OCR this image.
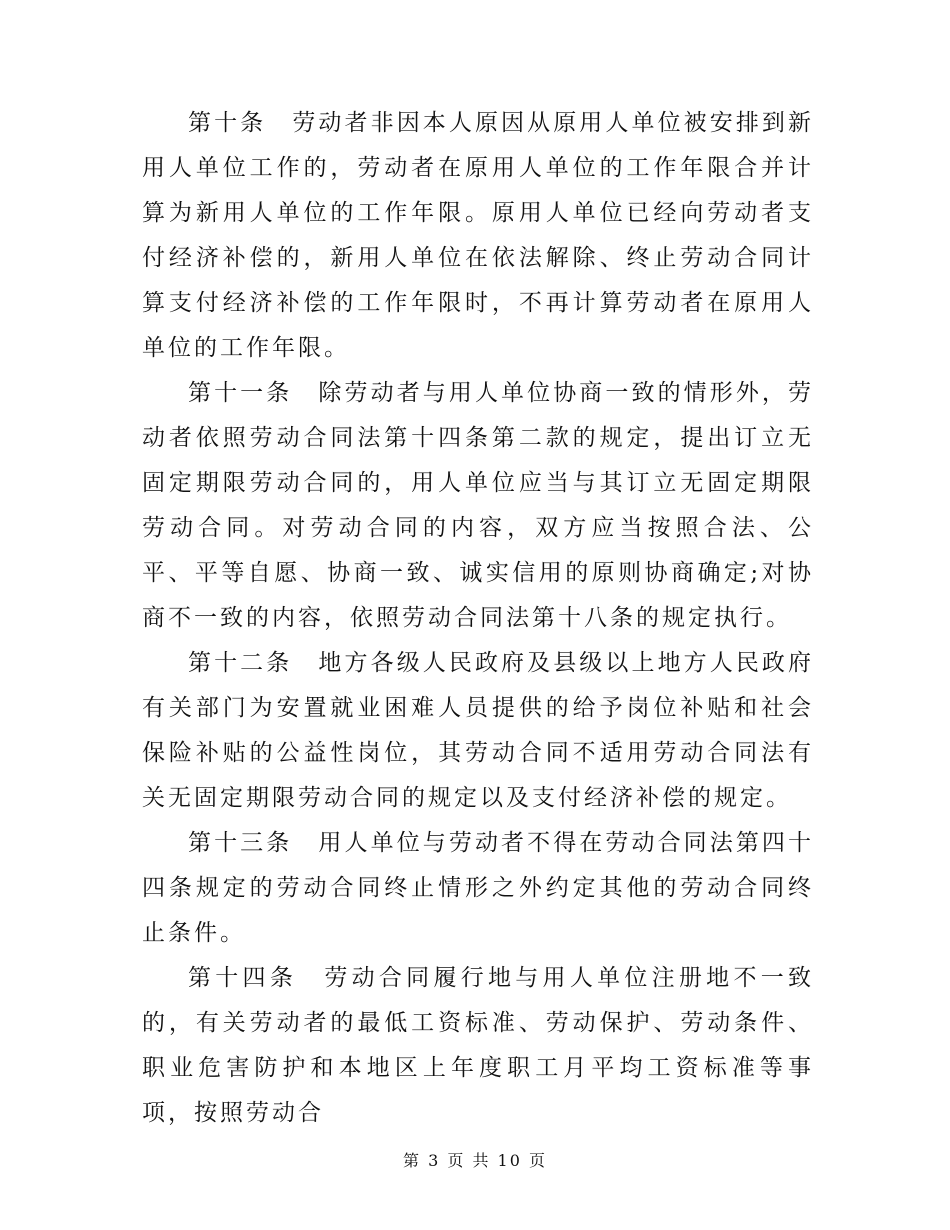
第十条　劳动者非因本人原因从原用人单位被安排到新用人单位工作的，劳动者在原用人单位的工作年限合并计算为新用人单位的工作年限。原用人单位已经向劳动者支付经济补偿的，新用人单位在依法解除、终止劳动合同计算支付经济补偿的工作年限时，不再计算劳动者在原用人单位的工作年限。

第十一条　除劳动者与用人单位协商一致的情形外，劳动者依照劳动合同法第十四条第二款的规定，提出订立无固定期限劳动合同的，用人单位应当与其订立无固定期限劳动合同。对劳动合同的内容，双方应当按照合法、公平、平等自愿、协商一致、诚实信用的原则协商确定;对协商不一致的内容，依照劳动合同法第十八条的规定执行。

第十二条　地方各级人民政府及县级以上地方人民政府有关部门为安置就业困难人员提供的给予岗位补贴和社会保险补贴的公益性岗位，其劳动合同不适用劳动合同法有关无固定期限劳动合同的规定以及支付经济补偿的规定。

第十三条　用人单位与劳动者不得在劳动合同法第四十四条规定的劳动合同终止情形之外约定其他的劳动合同终止条件。

第十四条　劳动合同履行地与用人单位注册地不一致的，有关劳动者的最低工资标准、劳动保护、劳动条件、职业危害防护和本地区上年度职工月平均工资标准等事项，按照劳动合

第 3 页 共 10 页
